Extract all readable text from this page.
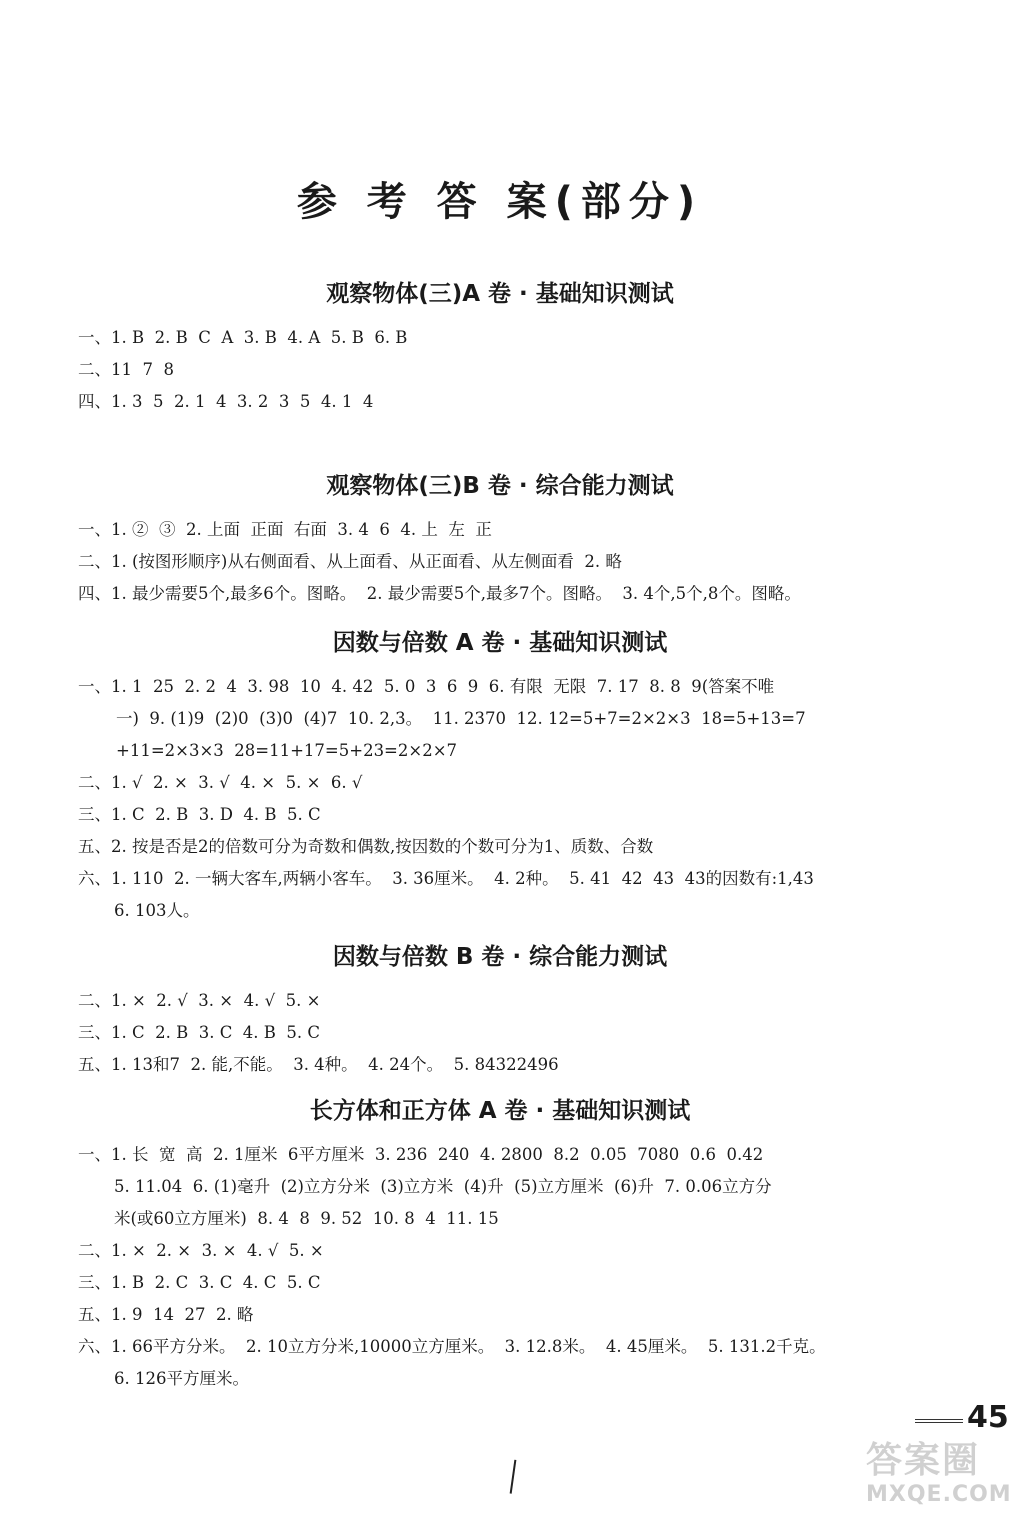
参 考 答 案(部分)
观察物体(三)A 卷 · 基础知识测试
一、1. B  2. B  C  A  3. B  4. A  5. B  6. B
二、11  7  8
四、1. 3  5  2. 1  4  3. 2  3  5  4. 1  4
观察物体(三)B 卷 · 综合能力测试
一、1. ②  ③  2. 上面  正面  右面  3. 4  6  4. 上  左  正
二、1. (按图形顺序)从右侧面看、从上面看、从正面看、从左侧面看  2. 略
四、1. 最少需要5个,最多6个。图略。  2. 最少需要5个,最多7个。图略。  3. 4个,5个,8个。图略。
因数与倍数 A 卷 · 基础知识测试
一、1. 1  25  2. 2  4  3. 98  10  4. 42  5. 0  3  6  9  6. 有限  无限  7. 17  8. 8  9(答案不唯
一)  9. (1)9  (2)0  (3)0  (4)7  10. 2,3。  11. 2370  12. 12=5+7=2×2×3  18=5+13=7
+11=2×3×3  28=11+17=5+23=2×2×7
二、1. √  2. ×  3. √  4. ×  5. ×  6. √
三、1. C  2. B  3. D  4. B  5. C
五、2. 按是否是2的倍数可分为奇数和偶数,按因数的个数可分为1、质数、合数
六、1. 110  2. 一辆大客车,两辆小客车。  3. 36厘米。  4. 2种。  5. 41  42  43  43的因数有:1,43
6. 103人。
因数与倍数 B 卷 · 综合能力测试
二、1. ×  2. √  3. ×  4. √  5. ×
三、1. C  2. B  3. C  4. B  5. C
五、1. 13和7  2. 能,不能。  3. 4种。  4. 24个。  5. 84322496
长方体和正方体 A 卷 · 基础知识测试
一、1. 长  宽  高  2. 1厘米  6平方厘米  3. 236  240  4. 2800  8.2  0.05  7080  0.6  0.42
5. 11.04  6. (1)毫升  (2)立方分米  (3)立方米  (4)升  (5)立方厘米  (6)升  7. 0.06立方分
米(或60立方厘米)  8. 4  8  9. 52  10. 8  4  11. 15
二、1. ×  2. ×  3. ×  4. √  5. ×
三、1. B  2. C  3. C  4. C  5. C
五、1. 9  14  27  2. 略
六、1. 66平方分米。  2. 10立方分米,10000立方厘米。  3. 12.8米。  4. 45厘米。  5. 131.2千克。
6. 126平方厘米。
45
答案圈
MXQE.COM
